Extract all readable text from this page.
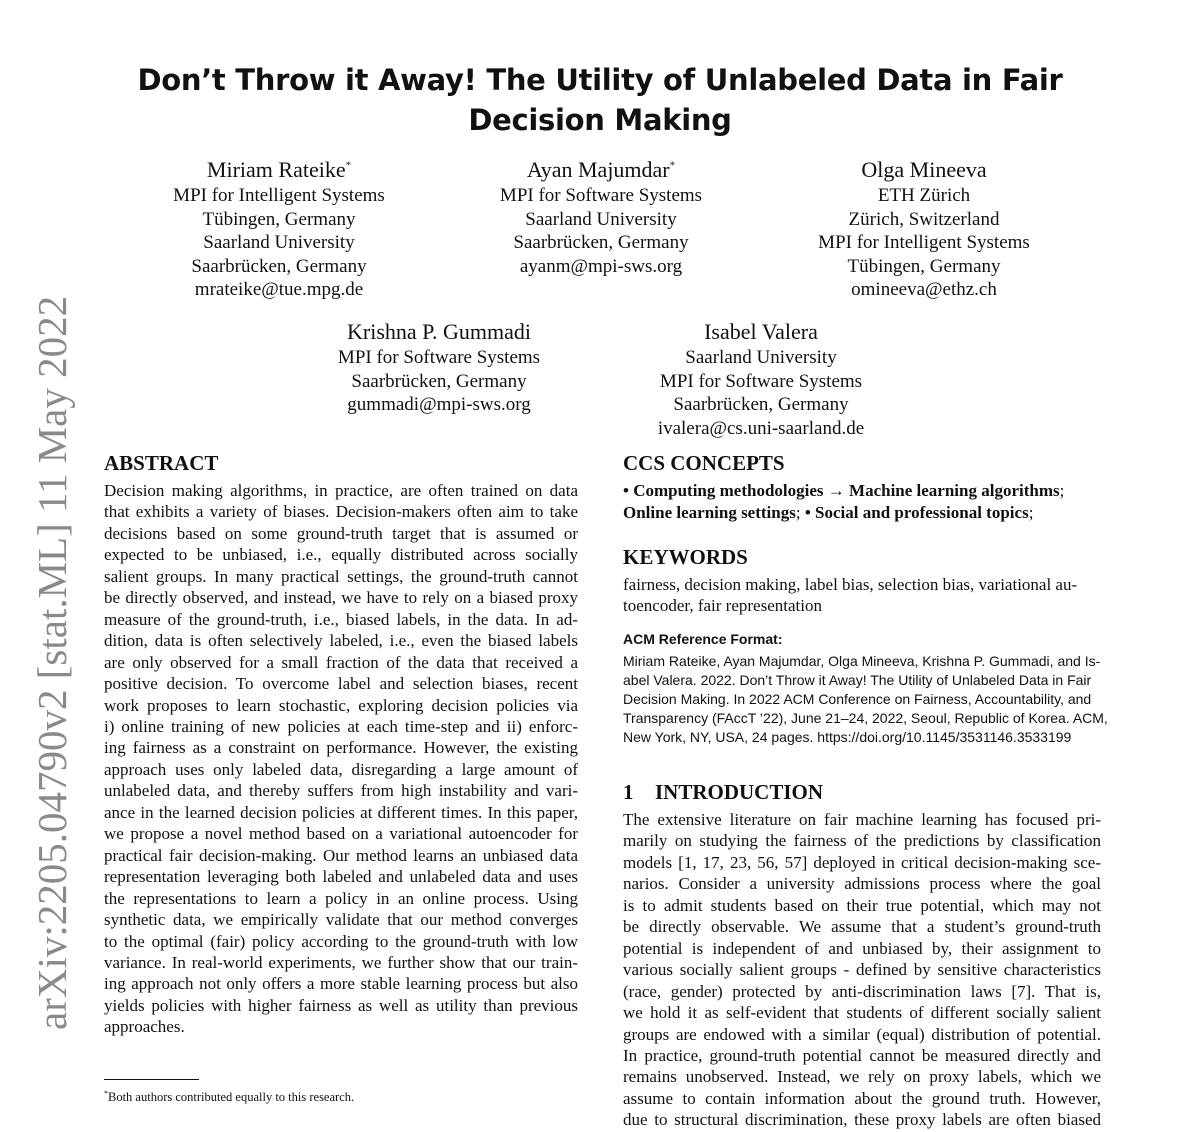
arXiv:2205.04790v2 [stat.ML] 11 May 2022
Don’t Throw it Away! The Utility of Unlabeled Data in Fair
Decision Making
Miriam Rateike*
MPI for Intelligent Systems
Tübingen, Germany
Saarland University
Saarbrücken, Germany
mrateike@tue.mpg.de
Ayan Majumdar*
MPI for Software Systems
Saarland University
Saarbrücken, Germany
ayanm@mpi-sws.org
Olga Mineeva
ETH Zürich
Zürich, Switzerland
MPI for Intelligent Systems
Tübingen, Germany
omineeva@ethz.ch
Krishna P. Gummadi
MPI for Software Systems
Saarbrücken, Germany
gummadi@mpi-sws.org
Isabel Valera
Saarland University
MPI for Software Systems
Saarbrücken, Germany
ivalera@cs.uni-saarland.de
ABSTRACT
Decision making algorithms, in practice, are often trained on data
that exhibits a variety of biases. Decision-makers often aim to take
decisions based on some ground-truth target that is assumed or
expected to be unbiased, i.e., equally distributed across socially
salient groups. In many practical settings, the ground-truth cannot
be directly observed, and instead, we have to rely on a biased proxy
measure of the ground-truth, i.e., biased labels, in the data. In ad-
dition, data is often selectively labeled, i.e., even the biased labels
are only observed for a small fraction of the data that received a
positive decision. To overcome label and selection biases, recent
work proposes to learn stochastic, exploring decision policies via
i) online training of new policies at each time-step and ii) enforc-
ing fairness as a constraint on performance. However, the existing
approach uses only labeled data, disregarding a large amount of
unlabeled data, and thereby suffers from high instability and vari-
ance in the learned decision policies at different times. In this paper,
we propose a novel method based on a variational autoencoder for
practical fair decision-making. Our method learns an unbiased data
representation leveraging both labeled and unlabeled data and uses
the representations to learn a policy in an online process. Using
synthetic data, we empirically validate that our method converges
to the optimal (fair) policy according to the ground-truth with low
variance. In real-world experiments, we further show that our train-
ing approach not only offers a more stable learning process but also
yields policies with higher fairness as well as utility than previous
approaches.
*Both authors contributed equally to this research.
CCS CONCEPTS
• Computing methodologies → Machine learning algorithms;
Online learning settings; • Social and professional topics;
KEYWORDS
fairness, decision making, label bias, selection bias, variational au-
toencoder, fair representation
ACM Reference Format:
Miriam Rateike, Ayan Majumdar, Olga Mineeva, Krishna P. Gummadi, and Is-
abel Valera. 2022. Don’t Throw it Away! The Utility of Unlabeled Data in Fair
Decision Making. In 2022 ACM Conference on Fairness, Accountability, and
Transparency (FAccT ’22), June 21–24, 2022, Seoul, Republic of Korea. ACM,
New York, NY, USA, 24 pages. https://doi.org/10.1145/3531146.3533199
1 INTRODUCTION
The extensive literature on fair machine learning has focused pri-
marily on studying the fairness of the predictions by classification
models [1, 17, 23, 56, 57] deployed in critical decision-making sce-
narios. Consider a university admissions process where the goal
is to admit students based on their true potential, which may not
be directly observable. We assume that a student’s ground-truth
potential is independent of and unbiased by, their assignment to
various socially salient groups - defined by sensitive characteristics
(race, gender) protected by anti-discrimination laws [7]. That is,
we hold it as self-evident that students of different socially salient
groups are endowed with a similar (equal) distribution of potential.
In practice, ground-truth potential cannot be measured directly and
remains unobserved. Instead, we rely on proxy labels, which we
assume to contain information about the ground truth. However,
due to structural discrimination, these proxy labels are often biased
